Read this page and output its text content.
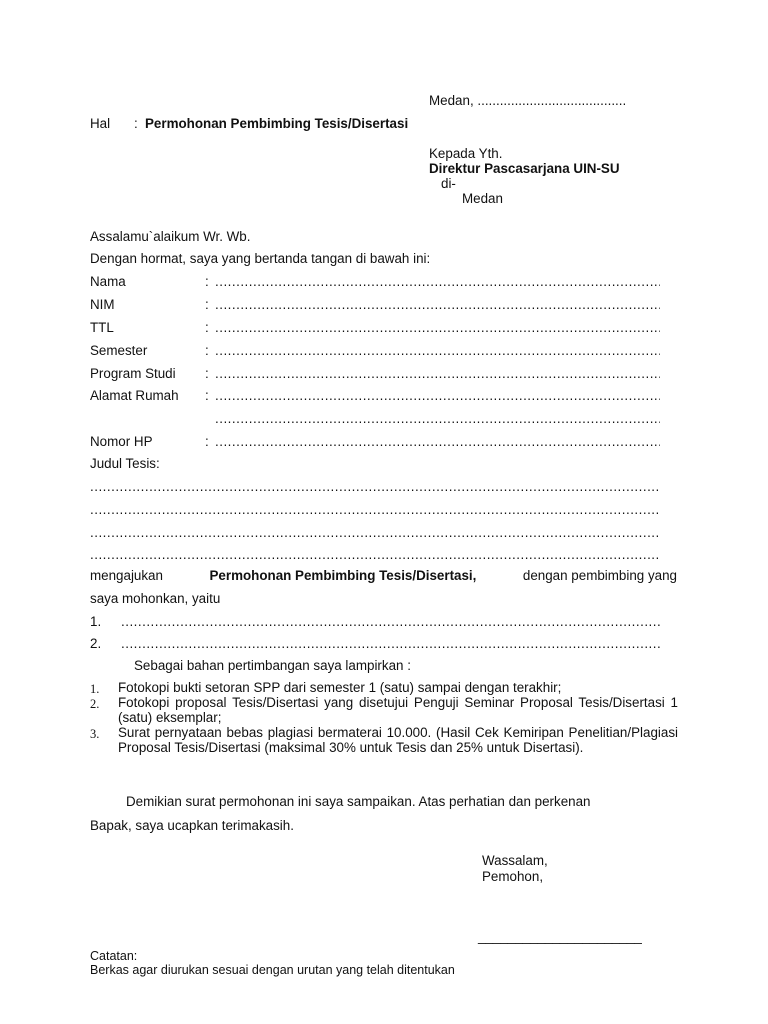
Medan, ........................................
Hal : Permohonan Pembimbing Tesis/Disertasi
Kepada Yth.
Direktur Pascasarjana UIN-SU
di-
Medan
Assalamu`alaikum Wr. Wb.
Dengan hormat, saya yang bertanda tangan di bawah ini:
Nama	:
.....
NIM	:
.....
TTL	:
.....
Semester	:
.....
Program Studi :
.....
Alamat Rumah :
.....
.....
Nomor HP	:
.....
Judul Tesis:
.....
.....
.....
.....
mengajukan	Permohonan Pembimbing Tesis/Disertasi,	dengan pembimbing yang
saya mohonkan, yaitu
1.
.....
2.
.....
Sebagai bahan pertimbangan saya lampirkan :
1. Fotokopi bukti setoran SPP dari semester 1 (satu) sampai dengan terakhir;
2. Fotokopi proposal Tesis/Disertasi yang disetujui Penguji Seminar Proposal Tesis/Disertasi 1 (satu) eksemplar;
3. Surat pernyataan bebas plagiasi bermaterai 10.000. (Hasil Cek Kemiripan Penelitian/Plagiasi Proposal Tesis/Disertasi (maksimal 30% untuk Tesis dan 25% untuk Disertasi).
Demikian surat permohonan ini saya sampaikan. Atas perhatian dan perkenan
Bapak, saya ucapkan terimakasih.
Wassalam,
Pemohon,
______________________
Catatan:
Berkas agar diurukan sesuai dengan urutan yang telah ditentukan
